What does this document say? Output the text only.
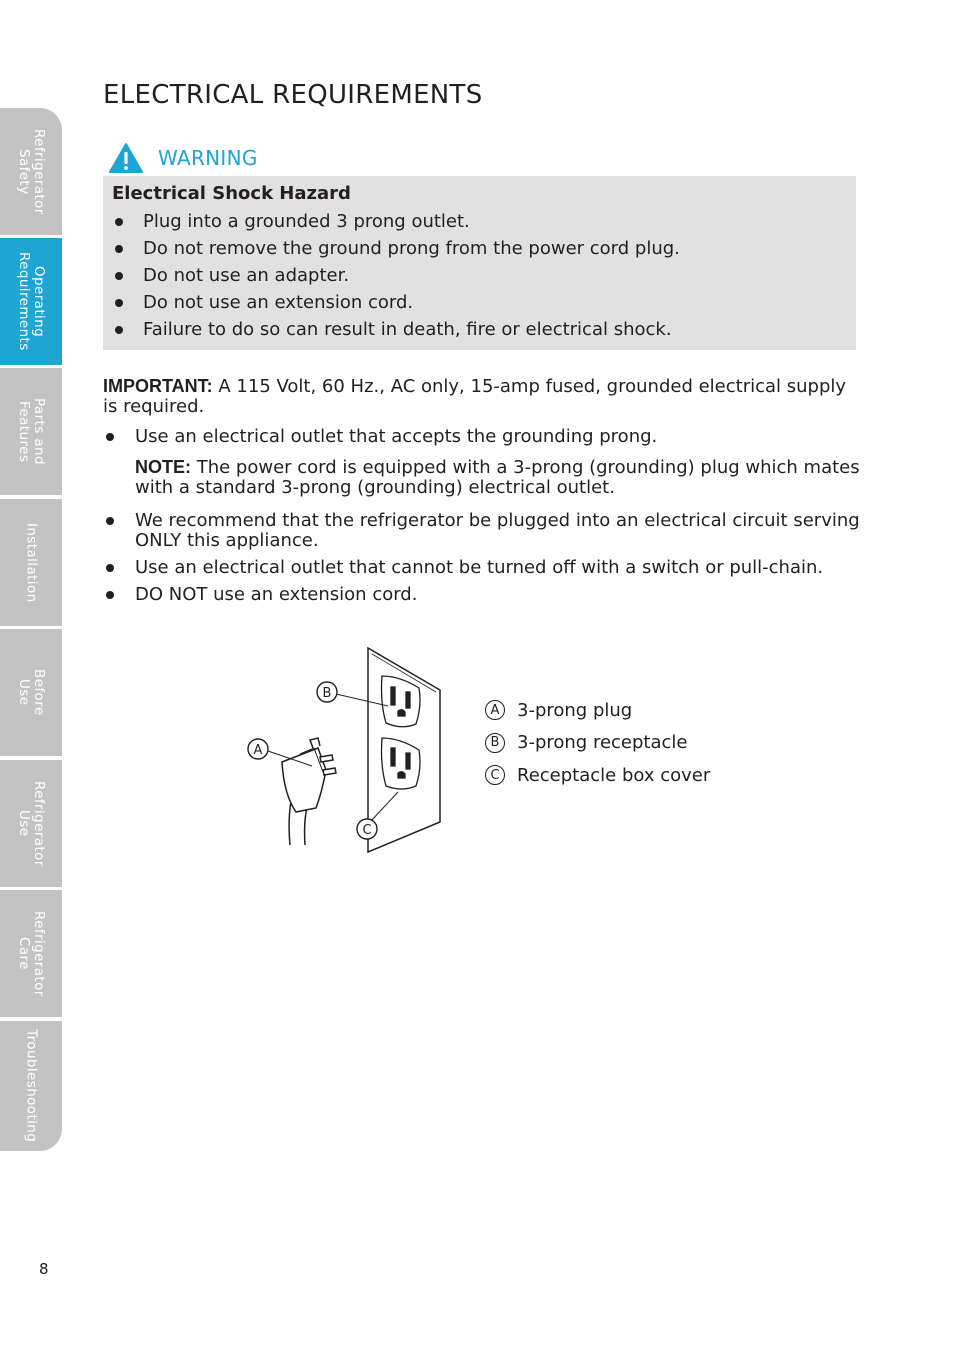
Refrigerator
Safety
Operating
Requirements
Parts and
Features
Installation
Before
Use
Refrigerator
Use
Refrigerator
Care
Troubleshooting
ELECTRICAL REQUIREMENTS
WARNING

Electrical Shock Hazard

Plug into a grounded 3 prong outlet.
Do not remove the ground prong from the power cord plug.
Do not use an adapter.
Do not use an extension cord.
Failure to do so can result in death, fire or electrical shock.

IMPORTANT: A 115 Volt, 60 Hz., AC only, 15-amp fused, grounded electrical supply is required.

Use an electrical outlet that accepts the grounding prong.
NOTE: The power cord is equipped with a 3-prong (grounding) plug which mates with a standard 3-prong (grounding) electrical outlet.
We recommend that the refrigerator be plugged into an electrical circuit serving ONLY this appliance.
Use an electrical outlet that cannot be turned off with a switch or pull-chain.
DO NOT use an extension cord.
B
A
C
A 3-prong plug
B 3-prong receptacle
C Receptacle box cover
8
